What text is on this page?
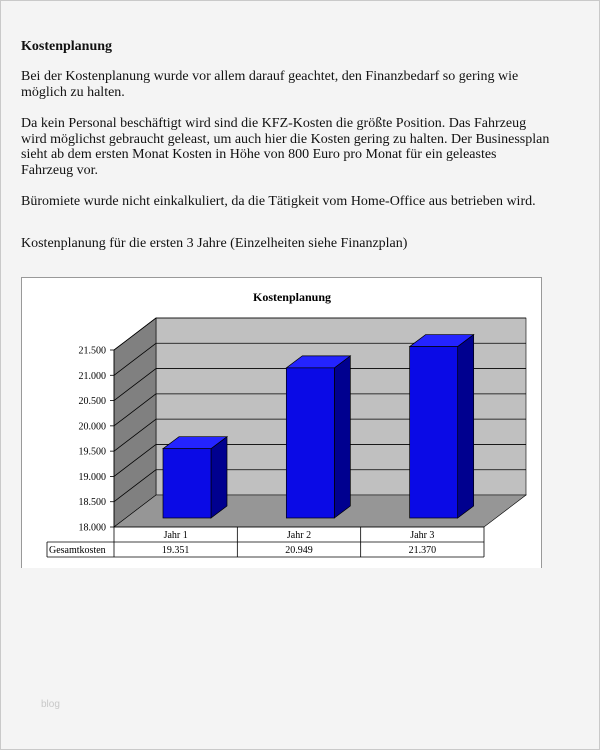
Kostenplanung

Bei der Kostenplanung wurde vor allem darauf geachtet, den Finanzbedarf so gering wie möglich zu halten.

Da kein Personal beschäftigt wird sind die KFZ-Kosten die größte Position. Das Fahrzeug wird möglichst gebraucht geleast, um auch hier die Kosten gering zu halten. Der Businessplan sieht ab dem ersten Monat Kosten in Höhe von 800 Euro pro Monat für ein geleastes Fahrzeug vor.

Büromiete wurde nicht einkalkuliert, da die Tätigkeit vom Home-Office aus betrieben wird.

Kostenplanung für die ersten 3 Jahre (Einzelheiten siehe Finanzplan)

Kostenplanung
18.000
18.500
19.000
19.500
20.000
20.500
21.000
21.500
Jahr 1
19.351
Jahr 2
20.949
Jahr 3
21.370
Gesamtkosten
blog
